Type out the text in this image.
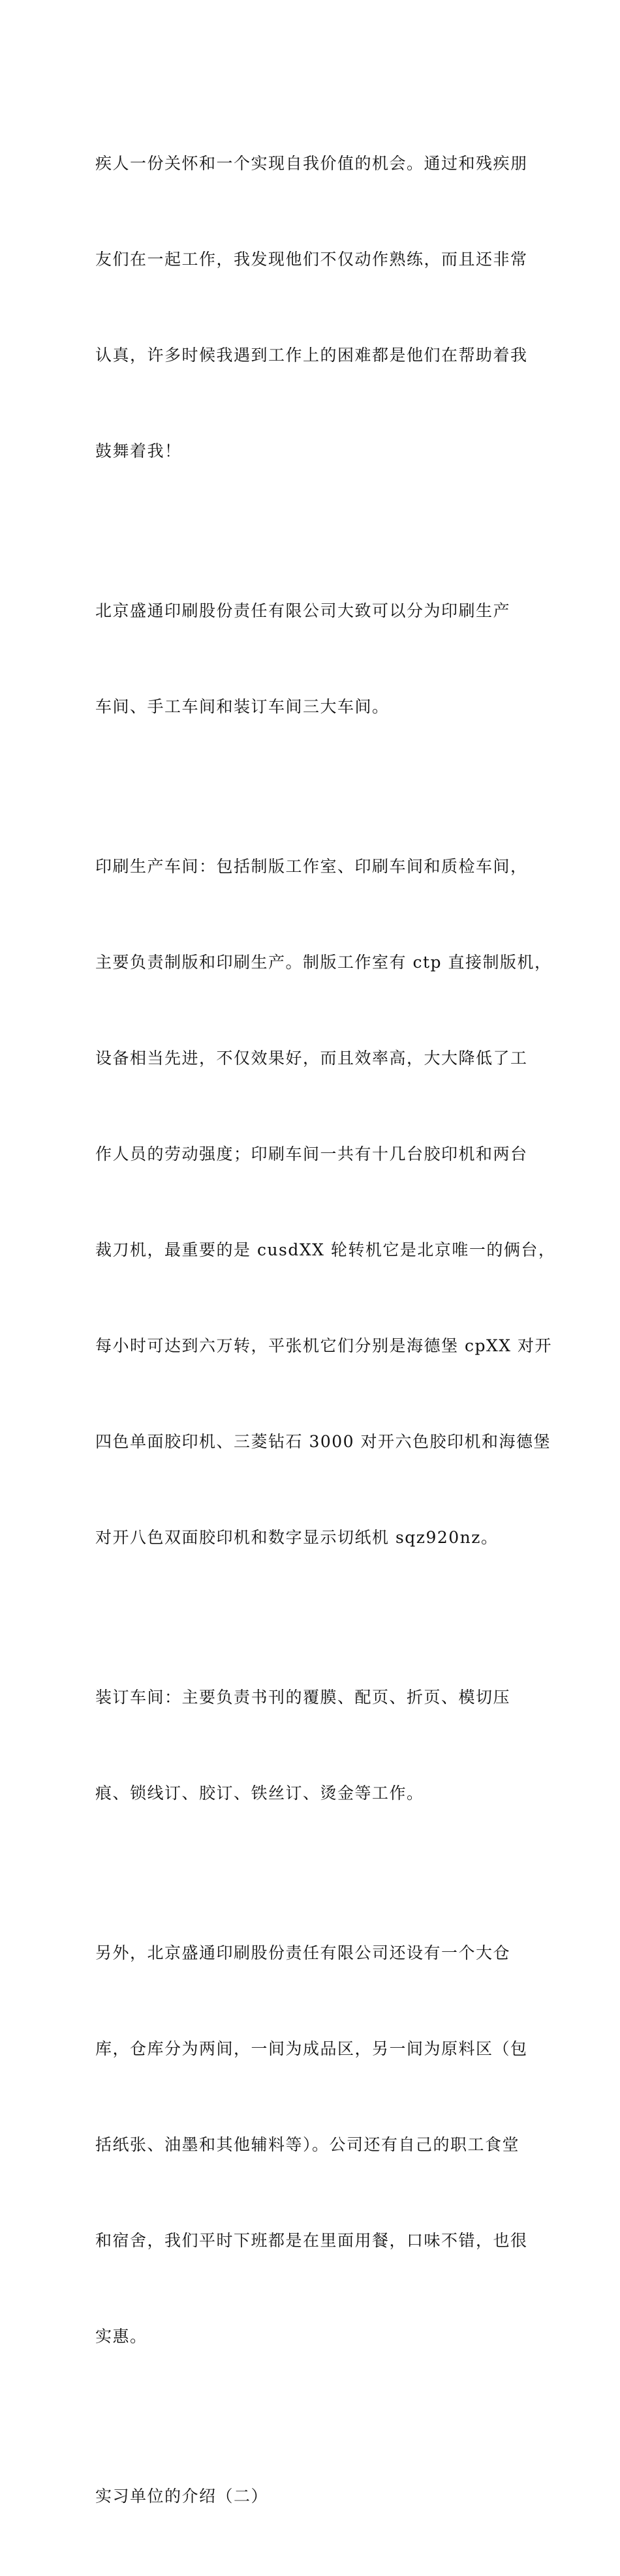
疾人一份关怀和一个实现自我价值的机会。通过和残疾朋

友们在一起工作，我发现他们不仅动作熟练，而且还非常

认真，许多时候我遇到工作上的困难都是他们在帮助着我

鼓舞着我！

北京盛通印刷股份责任有限公司大致可以分为印刷生产

车间、手工车间和装订车间三大车间。

印刷生产车间：包括制版工作室、印刷车间和质检车间，

主要负责制版和印刷生产。制版工作室有 ctp 直接制版机，

设备相当先进，不仅效果好，而且效率高，大大降低了工

作人员的劳动强度；印刷车间一共有十几台胶印机和两台

裁刀机，最重要的是 cusdXX 轮转机它是北京唯一的俩台，

每小时可达到六万转，平张机它们分别是海德堡 cpXX 对开

四色单面胶印机、三菱钻石 3000 对开六色胶印机和海德堡

对开八色双面胶印机和数字显示切纸机 sqz920nz。

装订车间：主要负责书刊的覆膜、配页、折页、模切压

痕、锁线订、胶订、铁丝订、烫金等工作。

另外，北京盛通印刷股份责任有限公司还设有一个大仓

库，仓库分为两间，一间为成品区，另一间为原料区（包

括纸张、油墨和其他辅料等）。公司还有自己的职工食堂

和宿舍，我们平时下班都是在里面用餐，口味不错，也很

实惠。

实习单位的介绍（二）
